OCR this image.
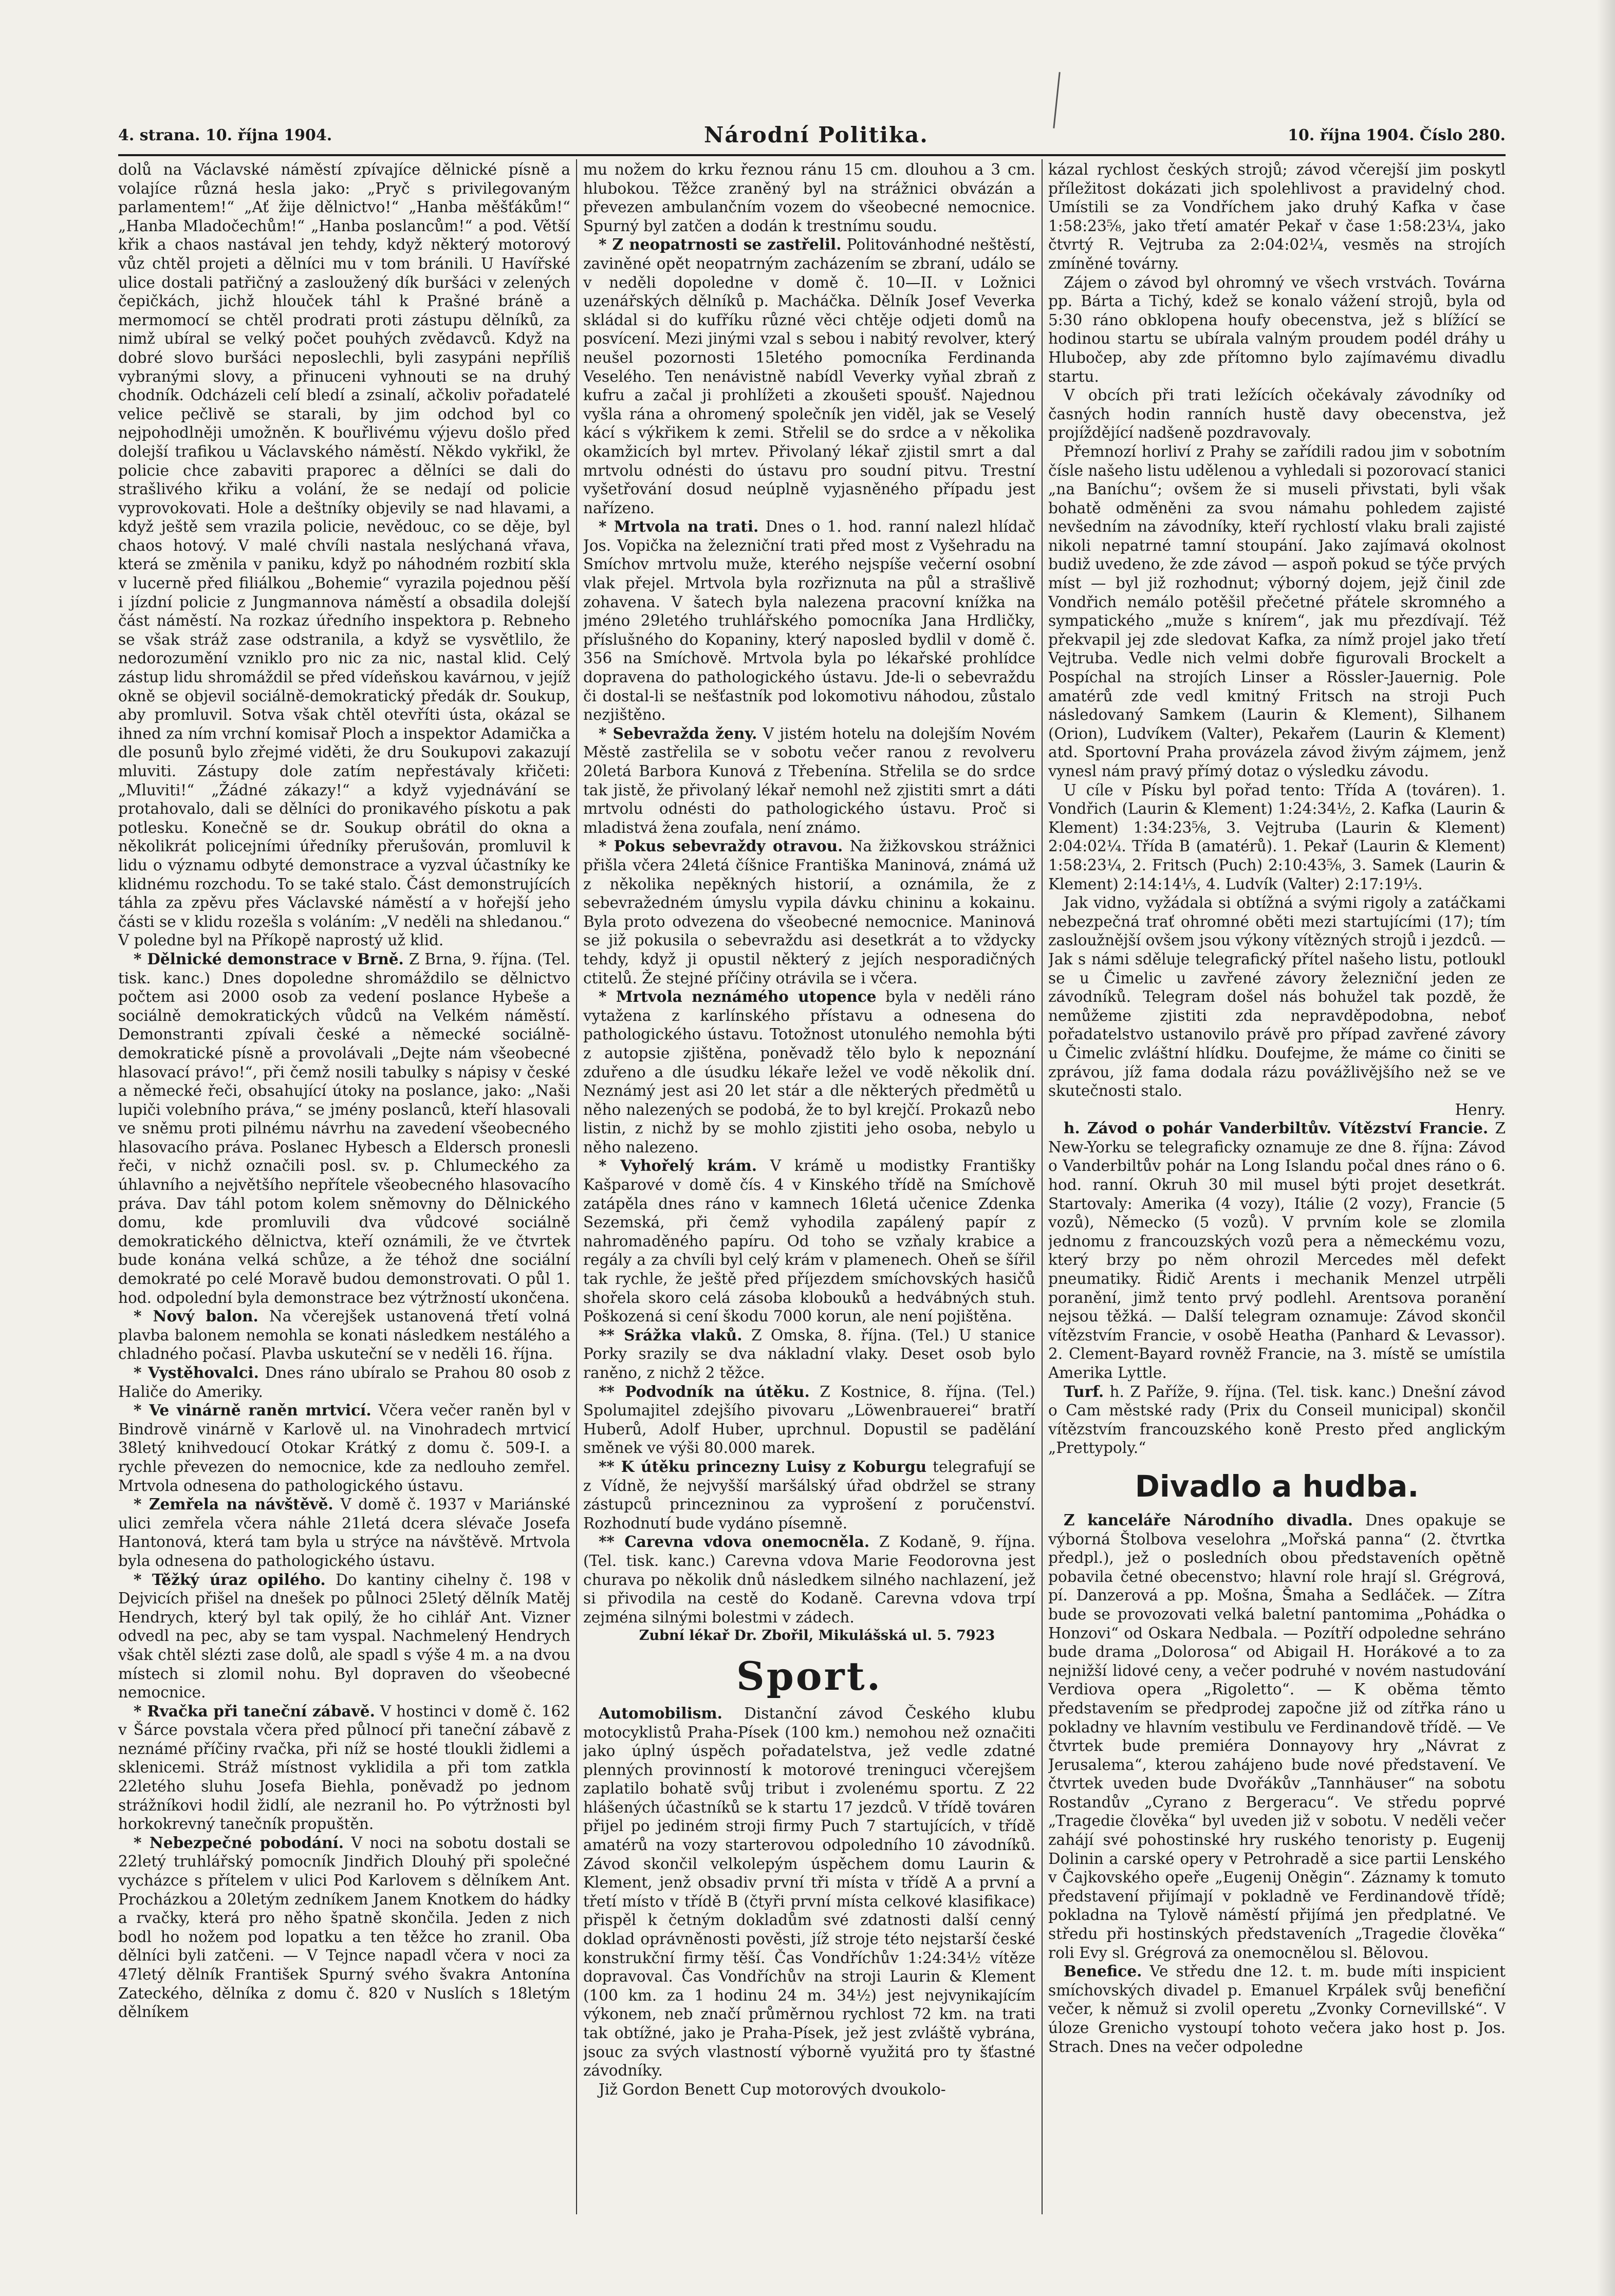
4. strana. 10. října 1904.	Národní Politika.	10. října 1904. Číslo 280.

dolů na Václavské náměstí zpívajíce dělnické písně a volajíce různá hesla jako: „Pryč s privilegovaným parlamentem!“ „Ať žije dělnictvo!“ „Hanba měšťákům!“ „Hanba Mladočechům!“ „Hanba poslancům!“ a pod. Větší křik a chaos nastával jen tehdy, když některý motorový vůz chtěl projeti a dělníci mu v tom bránili. U Havířské ulice dostali patřičný a zasloužený dík buršáci v zelených čepičkách, jichž hlouček táhl k Prašné bráně a mermomocí se chtěl prodrati proti zástupu dělníků, za nimž ubíral se velký počet pouhých zvědavců. Když na dobré slovo buršáci neposlechli, byli zasypáni nepříliš vybranými slovy, a přinuceni vyhnouti se na druhý chodník. Odcházeli celí bledí a zsinalí, ačkoliv pořadatelé velice pečlivě se starali, by jim odchod byl co nejpohodlněji umožněn. K bouřlivému výjevu došlo před dolejší trafikou u Václavského náměstí. Někdo vykřikl, že policie chce zabaviti praporec a dělníci se dali do strašlivého křiku a volání, že se nedají od policie vyprovokovati. Hole a deštníky objevily se nad hlavami, a když ještě sem vrazila policie, nevědouc, co se děje, byl chaos hotový. V malé chvíli nastala neslýchaná vřava, která se změnila v paniku, když po náhodném rozbití skla v lucerně před filiálkou „Bohemie“ vyrazila pojednou pěší i jízdní policie z Jungmannova náměstí a obsadila dolejší část náměstí. Na rozkaz úředního inspektora p. Rebneho se však stráž zase odstranila, a když se vysvětlilo, že nedorozumění vzniklo pro nic za nic, nastal klid. Celý zástup lidu shromáždil se před vídeňskou kavárnou, v jejíž okně se objevil sociálně-demokratický předák dr. Soukup, aby promluvil. Sotva však chtěl otevříti ústa, okázal se ihned za ním vrchní komisař Ploch a inspektor Adamička a dle posunů bylo zřejmé viděti, že dru Soukupovi zakazují mluviti. Zástupy dole zatím nepřestávaly křičeti: „Mluviti!“ „Žádné zákazy!“ a když vyjednávání se protahovalo, dali se dělníci do pronikavého pískotu a pak potlesku. Konečně se dr. Soukup obrátil do okna a několikrát policejními úředníky přerušován, promluvil k lidu o významu odbyté demonstrace a vyzval účastníky ke klidnému rozchodu. To se také stalo. Část demonstrujících táhla za zpěvu přes Václavské náměstí a v hořejší jeho části se v klidu rozešla s voláním: „V neděli na shledanou.“ V poledne byl na Příkopě naprostý už klid.

* Dělnické demonstrace v Brně. Z Brna, 9. října. (Tel. tisk. kanc.) Dnes dopoledne shromáždilo se dělnictvo počtem asi 2000 osob za vedení poslance Hybeše a sociálně demokratických vůdců na Velkém náměstí. Demonstranti zpívali české a německé sociálně-demokratické písně a provolávali „Dejte nám všeobecné hlasovací právo!“, při čemž nosili tabulky s nápisy v české a německé řeči, obsahující útoky na poslance, jako: „Naši lupiči volebního práva,“ se jmény poslanců, kteří hlasovali ve sněmu proti pilnému návrhu na zavedení všeobecného hlasovacího práva. Poslanec Hybesch a Eldersch pronesli řeči, v nichž označili posl. sv. p. Chlumeckého za úhlavního a největšího nepřítele všeobecného hlasovacího práva. Dav táhl potom kolem sněmovny do Dělnického domu, kde promluvili dva vůdcové sociálně demokratického dělnictva, kteří oznámili, že ve čtvrtek bude konána velká schůze, a že téhož dne sociální demokraté po celé Moravě budou demonstrovati. O půl 1. hod. odpolední byla demonstrace bez výtržností ukončena.

* Nový balon. Na včerejšek ustanovená třetí volná plavba balonem nemohla se konati následkem nestálého a chladného počasí. Plavba uskuteční se v neděli 16. října.

* Vystěhovalci. Dnes ráno ubíralo se Prahou 80 osob z Haliče do Ameriky.

* Ve vinárně raněn mrtvicí. Včera večer raněn byl v Bindrově vinárně v Karlově ul. na Vinohradech mrtvicí 38letý knihvedoucí Otokar Krátký z domu č. 509-I. a rychle převezen do nemocnice, kde za nedlouho zemřel. Mrtvola odnesena do pathologického ústavu.

* Zemřela na návštěvě. V domě č. 1937 v Mariánské ulici zemřela včera náhle 21letá dcera slévače Josefa Hantonová, která tam byla u strýce na návštěvě. Mrtvola byla odnesena do pathologického ústavu.

* Těžký úraz opilého. Do kantiny cihelny č. 198 v Dejvicích přišel na dnešek po půlnoci 25letý dělník Matěj Hendrych, který byl tak opilý, že ho cihlář Ant. Vizner odvedl na pec, aby se tam vyspal. Nachmelený Hendrych však chtěl slézti zase dolů, ale spadl s výše 4 m. a na dvou místech si zlomil nohu. Byl dopraven do všeobecné nemocnice.

* Rvačka při taneční zábavě. V hostinci v domě č. 162 v Šárce povstala včera před půlnocí při taneční zábavě z neznámé příčiny rvačka, při níž se hosté tloukli židlemi a sklenicemi. Stráž místnost vyklidila a při tom zatkla 22letého sluhu Josefa Biehla, poněvadž po jednom strážníkovi hodil židlí, ale nezranil ho. Po výtržnosti byl horkokrevný tanečník propuštěn.

* Nebezpečné pobodání. V noci na sobotu dostali se 22letý truhlářský pomocník Jindřich Dlouhý při společné vycházce s přítelem v ulici Pod Karlovem s dělníkem Ant. Procházkou a 20letým zedníkem Janem Knotkem do hádky a rvačky, která pro něho špatně skončila. Jeden z nich bodl ho nožem pod lopatku a ten těžce ho zranil. Oba dělníci byli zatčeni. — V Tejnce napadl včera v noci za 47letý dělník František Spurný svého švakra Antonína Zateckého, dělníka z domu č. 820 v Nuslích s 18letým dělníkem

mu nožem do krku řeznou ránu 15 cm. dlouhou a 3 cm. hlubokou. Těžce zraněný byl na strážnici obvázán a převezen ambulančním vozem do všeobecné nemocnice. Spurný byl zatčen a dodán k trestnímu soudu.

* Z neopatrnosti se zastřelil. Politovánhodné neštěstí, zaviněné opět neopatrným zacházením se zbraní, událo se v neděli dopoledne v domě č. 10—II. v Ložnici uzenářských dělníků p. Macháčka. Dělník Josef Veverka skládal si do kufříku různé věci chtěje odjeti domů na posvícení. Mezi jinými vzal s sebou i nabitý revolver, který neušel pozornosti 15letého pomocníka Ferdinanda Veselého. Ten nenávistně nabídl Veverky vyňal zbraň z kufru a začal ji prohlížeti a zkoušeti spoušť. Najednou vyšla rána a ohromený společník jen viděl, jak se Veselý kácí s výkřikem k zemi. Střelil se do srdce a v několika okamžicích byl mrtev. Přivolaný lékař zjistil smrt a dal mrtvolu odnésti do ústavu pro soudní pitvu. Trestní vyšetřování dosud neúplně vyjasněného případu jest nařízeno.

* Mrtvola na trati. Dnes o 1. hod. ranní nalezl hlídač Jos. Vopička na železniční trati před most z Vyšehradu na Smíchov mrtvolu muže, kterého nejspíše večerní osobní vlak přejel. Mrtvola byla rozřiznuta na půl a strašlivě zohavena. V šatech byla nalezena pracovní knížka na jméno 29letého truhlářského pomocníka Jana Hrdličky, příslušného do Kopaniny, který naposled bydlil v domě č. 356 na Smíchově. Mrtvola byla po lékařské prohlídce dopravena do pathologického ústavu. Jde-li o sebevraždu či dostal-li se nešťastník pod lokomotivu náhodou, zůstalo nezjištěno.

* Sebevražda ženy. V jistém hotelu na dolejším Novém Městě zastřelila se v sobotu večer ranou z revolveru 20letá Barbora Kunová z Třebenína. Střelila se do srdce tak jistě, že přivolaný lékař nemohl než zjistiti smrt a dáti mrtvolu odnésti do pathologického ústavu. Proč si mladistvá žena zoufala, není známo.

* Pokus sebevraždy otravou. Na žižkovskou strážnici přišla včera 24letá číšnice Františka Maninová, známá už z několika nepěkných historií, a oznámila, že z sebevražedném úmyslu vypila dávku chininu a kokainu. Byla proto odvezena do všeobecné nemocnice. Maninová se již pokusila o sebevraždu asi desetkrát a to vždycky tehdy, když ji opustil některý z jejích nesporadičných ctitelů. Že stejné příčiny otrávila se i včera.

* Mrtvola neznámého utopence byla v neděli ráno vytažena z karlínského přístavu a odnesena do pathologického ústavu. Totožnost utonulého nemohla býti z autopsie zjištěna, poněvadž tělo bylo k nepoznání zduřeno a dle úsudku lékaře ležel ve vodě několik dní. Neznámý jest asi 20 let stár a dle některých předmětů u něho nalezených se podobá, že to byl krejčí. Prokazů nebo listin, z nichž by se mohlo zjistiti jeho osoba, nebylo u něho nalezeno.

* Vyhořelý krám. V krámě u modistky Františky Kašparové v domě čís. 4 v Kinského třídě na Smíchově zatápěla dnes ráno v kamnech 16letá učenice Zdenka Sezemská, při čemž vyhodila zapálený papír z nahromaděného papíru. Od toho se vzňaly krabice a regály a za chvíli byl celý krám v plamenech. Oheň se šířil tak rychle, že ještě před příjezdem smíchovských hasičů shořela skoro celá zásoba klobouků a hedvábných stuh. Poškozená si cení škodu 7000 korun, ale není pojištěna.

** Srážka vlaků. Z Omska, 8. října. (Tel.) U stanice Porky srazily se dva nákladní vlaky. Deset osob bylo raněno, z nichž 2 těžce.

** Podvodník na útěku. Z Kostnice, 8. října. (Tel.) Spolumajitel zdejšího pivovaru „Löwenbrauerei“ bratří Huberů, Adolf Huber, uprchnul. Dopustil se padělání směnek ve výši 80.000 marek.

** K útěku princezny Luisy z Koburgu telegrafují se z Vídně, že nejvyšší maršálský úřad obdržel se strany zástupců princezninou za vyprošení z poručenství. Rozhodnutí bude vydáno písemně.

** Carevna vdova onemocněla. Z Kodaně, 9. října. (Tel. tisk. kanc.) Carevna vdova Marie Feodorovna jest churava po několik dnů následkem silného nachlazení, jež si přivodila na cestě do Kodaně. Carevna vdova trpí zejména silnými bolestmi v zádech.

Zubní lékař Dr. Zbořil, Mikulášská ul. 5. 7923

Sport.

Automobilism. Distanční závod Českého klubu motocyklistů Praha-Písek (100 km.) nemohou než označiti jako úplný úspěch pořadatelstva, jež vedle zdatné plenných provinností k motorové treninguci včerejšem zaplatilo bohatě svůj tribut i zvolenému sportu. Z 22 hlášených účastníků se k startu 17 jezdců. V třídě továren přijel po jediném stroji firmy Puch 7 startujících, v třídě amatérů na vozy starterovou odpoledního 10 závodníků. Závod skončil velkolepým úspěchem domu Laurin & Klement, jenž obsadiv první tři místa v třídě A a první a třetí místo v třídě B (čtyři první místa celkové klasifikace) přispěl k četným dokladům své zdatnosti další cenný doklad oprávněnosti pověsti, jíž stroje této nejstarší české konstrukční firmy těší. Čas Vondříchův 1:24:34½ vítěze dopravoval. Čas Vondříchův na stroji Laurin & Klement (100 km. za 1 hodinu 24 m. 34½) jest nejvynikajícím výkonem, neb značí průměrnou rychlost 72 km. na trati tak obtížné, jako je Praha-Písek, jež jest zvláště vybrána, jsouc za svých vlastností výborně využitá pro ty šťastné závodníky.

Již Gordon Benett Cup motorových dvoukolo-

kázal rychlost českých strojů; závod včerejší jim poskytl příležitost dokázati jich spolehlivost a pravidelný chod. Umístili se za Vondříchem jako druhý Kafka v čase 1:58:23⅝, jako třetí amatér Pekař v čase 1:58:23¼, jako čtvrtý R. Vejtruba za 2:04:02¼, vesměs na strojích zmíněné továrny.

Zájem o závod byl ohromný ve všech vrstvách. Továrna pp. Bárta a Tichý, kdež se konalo vážení strojů, byla od 5:30 ráno obklopena houfy obecenstva, jež s blížící se hodinou startu se ubírala valným proudem podél dráhy u Hlubočep, aby zde přítomno bylo zajímavému divadlu startu.

V obcích při trati ležících očekávaly závodníky od časných hodin ranních hustě davy obecenstva, jež projíždějící nadšeně pozdravovaly.

Přemnozí horliví z Prahy se zařídili radou jim v sobotním čísle našeho listu udělenou a vyhledali si pozorovací stanici „na Baníchu“; ovšem že si museli přivstati, byli však bohatě odměněni za svou námahu pohledem zajisté nevšedním na závodníky, kteří rychlostí vlaku brali zajisté nikoli nepatrné tamní stoupání. Jako zajímavá okolnost budiž uvedeno, že zde závod — aspoň pokud se týče prvých míst — byl již rozhodnut; výborný dojem, jejž činil zde Vondřich nemálo potěšil přečetné přátele skromného a sympatického „muže s knírem“, jak mu přezdívají. Též překvapil jej zde sledovat Kafka, za nímž projel jako třetí Vejtruba. Vedle nich velmi dobře figurovali Brockelt a Pospíchal na strojích Linser a Rössler-Jauernig. Pole amatérů zde vedl kmitný Fritsch na stroji Puch následovaný Samkem (Laurin & Klement), Silhanem (Orion), Ludvíkem (Valter), Pekařem (Laurin & Klement) atd. Sportovní Praha provázela závod živým zájmem, jenž vynesl nám pravý přímý dotaz o výsledku závodu.

U cíle v Písku byl pořad tento: Třída A (továren). 1. Vondřich (Laurin & Klement) 1:24:34½, 2. Kafka (Laurin & Klement) 1:34:23⅝, 3. Vejtruba (Laurin & Klement) 2:04:02¼. Třída B (amatérů). 1. Pekař (Laurin & Klement) 1:58:23¼, 2. Fritsch (Puch) 2:10:43⅝, 3. Samek (Laurin & Klement) 2:14:14⅓, 4. Ludvík (Valter) 2:17:19⅓.

Jak vidno, vyžádala si obtížná a svými rigoly a zatáčkami nebezpečná trať ohromné oběti mezi startujícími (17); tím zasloužnější ovšem jsou výkony vítězných strojů i jezdců. — Jak s námi sděluje telegrafický přítel našeho listu, potloukl se u Čimelic u zavřené závory železniční jeden ze závodníků. Telegram došel nás bohužel tak pozdě, že nemůžeme zjistiti zda nepravděpodobna, neboť pořadatelstvo ustanovilo právě pro případ zavřené závory u Čimelic zvláštní hlídku. Doufejme, že máme co činiti se zprávou, jíž fama dodala rázu povážlivějšího než se ve skutečnosti stalo.

Henry.

h. Závod o pohár Vanderbiltův. Vítězství Francie. Z New-Yorku se telegraficky oznamuje ze dne 8. října: Závod o Vanderbiltův pohár na Long Islandu počal dnes ráno o 6. hod. ranní. Okruh 30 mil musel býti projet desetkrát. Startovaly: Amerika (4 vozy), Itálie (2 vozy), Francie (5 vozů), Německo (5 vozů). V prvním kole se zlomila jednomu z francouzských vozů pera a německému vozu, který brzy po něm ohrozil Mercedes měl defekt pneumatiky. Řidič Arents i mechanik Menzel utrpěli poranění, jimž tento prvý podlehl. Arentsova poranění nejsou těžká. — Další telegram oznamuje: Závod skončil vítězstvím Francie, v osobě Heatha (Panhard & Levassor). 2. Clement-Bayard rovněž Francie, na 3. místě se umístila Amerika Lyttle.

Turf. h. Z Paříže, 9. října. (Tel. tisk. kanc.) Dnešní závod o Cam městské rady (Prix du Conseil municipal) skončil vítězstvím francouzského koně Presto před anglickým „Prettypoly.“

Divadlo a hudba.

Z kanceláře Národního divadla. Dnes opakuje se výborná Štolbova veselohra „Mořská panna“ (2. čtvrtka předpl.), jež o posledních obou představeních opětně pobavila četné obecenstvo; hlavní role hrají sl. Grégrová, pí. Danzerová a pp. Mošna, Šmaha a Sedláček. — Zítra bude se provozovati velká baletní pantomima „Pohádka o Honzovi“ od Oskara Nedbala. — Pozítří odpoledne sehráno bude drama „Dolorosa“ od Abigail H. Horákové a to za nejnižší lidové ceny, a večer podruhé v novém nastudování Verdiova opera „Rigoletto“. — K oběma těmto představením se předprodej započne již od zítřka ráno u pokladny ve hlavním vestibulu ve Ferdinandově třídě. — Ve čtvrtek bude premiéra Donnayovy hry „Návrat z Jerusalema“, kterou zahájeno bude nové představení. Ve čtvrtek uveden bude Dvořákův „Tannhäuser“ na sobotu Rostandův „Cyrano z Bergeracu“. Ve středu poprvé „Tragedie člověka“ byl uveden již v sobotu. V neděli večer zahájí své pohostinské hry ruského tenoristy p. Eugenij Dolinin a carské opery v Petrohradě a sice partii Lenského v Čajkovského opeře „Eugenij Oněgin“. Záznamy k tomuto představení přijímají v pokladně ve Ferdinandově třídě; pokladna na Tylově náměstí přijímá jen předplatné. Ve středu při hostinských představeních „Tragedie člověka“ roli Evy sl. Grégrová za onemocnělou sl. Bělovou.

Benefice. Ve středu dne 12. t. m. bude míti inspicient smíchovských divadel p. Emanuel Krpálek svůj benefiční večer, k němuž si zvolil operetu „Zvonky Cornevillské“. V úloze Grenicho vystoupí tohoto večera jako host p. Jos. Strach. Dnes na večer odpoledne
